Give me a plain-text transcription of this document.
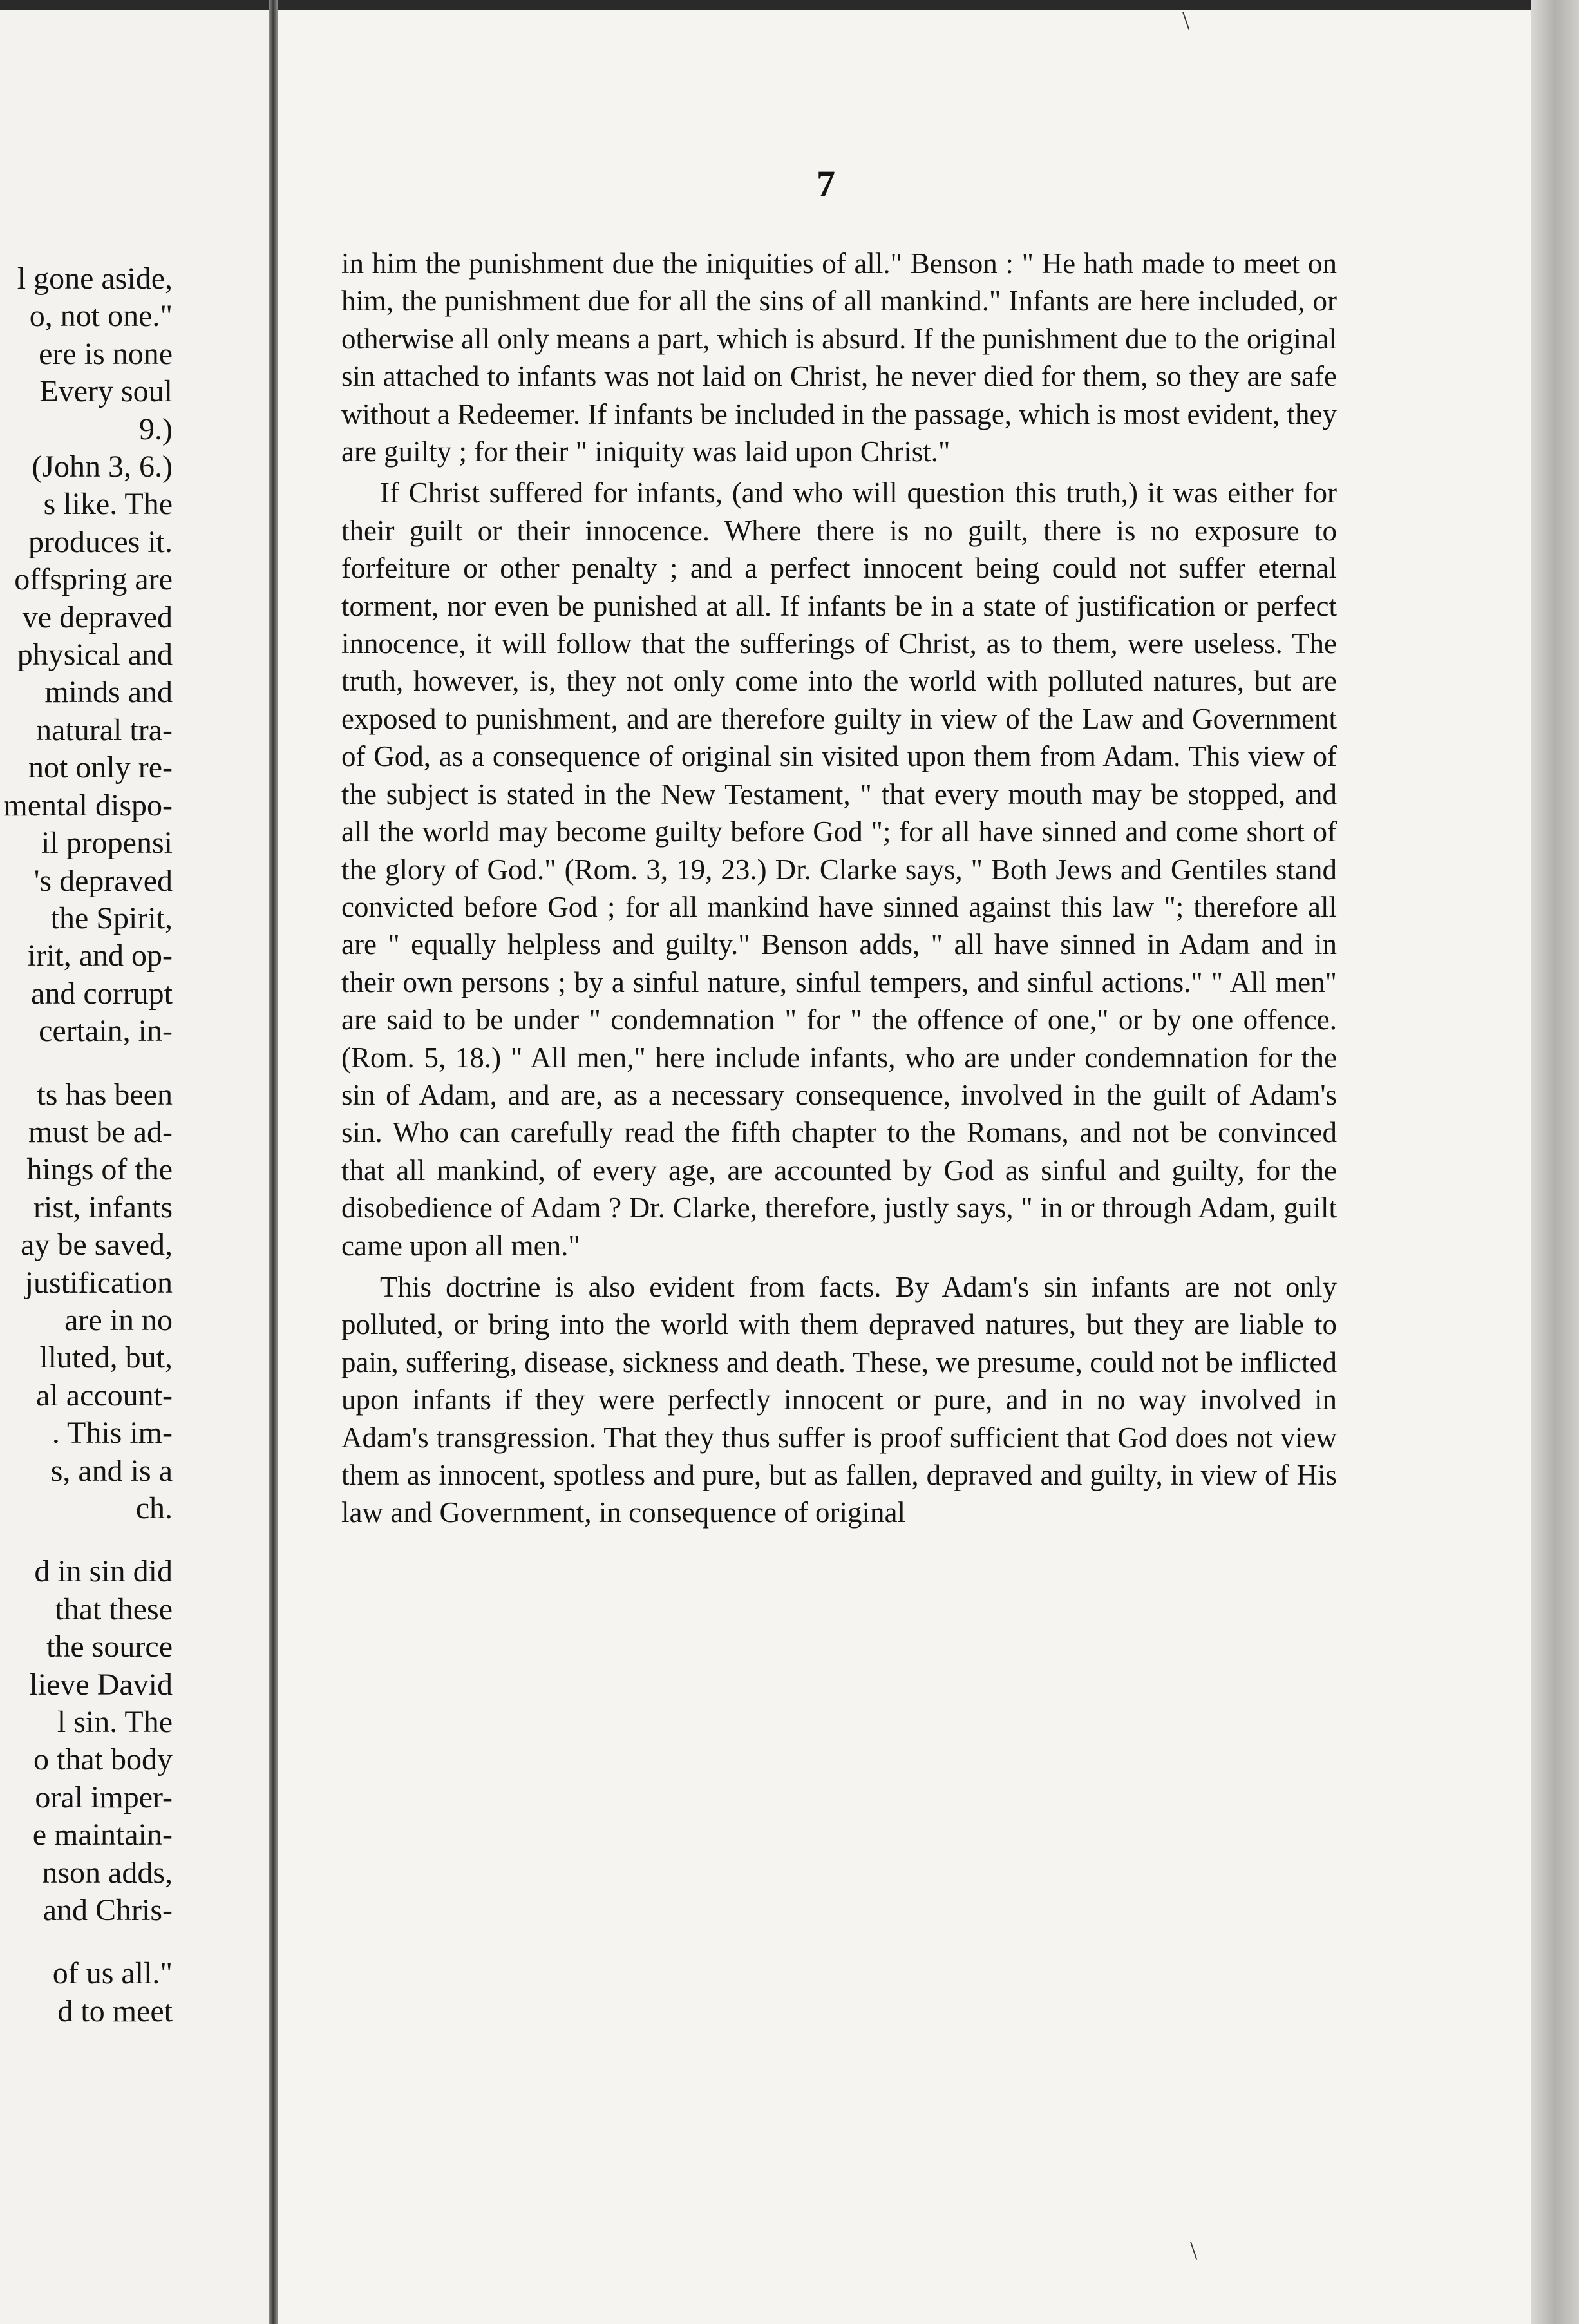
l gone aside,
o, not one."
ere is none
Every soul
9.)
(John 3, 6.)
s like. The
produces it.
offspring are
ve depraved
physical and
minds and
natural tra-
not only re-
mental dispo-
il propensi
's depraved
the Spirit,
irit, and op-
and corrupt
certain, in-
ts has been
must be ad-
hings of the
rist, infants
ay be saved,
justification
are in no
lluted, but,
al account-
. This im-
s, and is a
ch.
d in sin did
that these
the source
lieve David
l sin. The
o that body
oral imper-
e maintain-
nson adds,
and Chris-
of us all."
d to meet
7

in him the punishment due the iniquities of all." Benson : " He hath made to meet on him, the punishment due for all the sins of all mankind." Infants are here included, or otherwise all only means a part, which is absurd. If the punishment due to the original sin attached to infants was not laid on Christ, he never died for them, so they are safe without a Redeemer. If infants be included in the passage, which is most evident, they are guilty ; for their " iniquity was laid upon Christ."

If Christ suffered for infants, (and who will question this truth,) it was either for their guilt or their innocence. Where there is no guilt, there is no exposure to forfeiture or other penalty ; and a perfect innocent being could not suffer eternal torment, nor even be punished at all. If infants be in a state of justification or perfect innocence, it will follow that the sufferings of Christ, as to them, were useless. The truth, however, is, they not only come into the world with polluted natures, but are exposed to punishment, and are therefore guilty in view of the Law and Government of God, as a consequence of original sin visited upon them from Adam. This view of the subject is stated in the New Testament, " that every mouth may be stopped, and all the world may become guilty before God "; for all have sinned and come short of the glory of God." (Rom. 3, 19, 23.) Dr. Clarke says, " Both Jews and Gentiles stand convicted before God ; for all mankind have sinned against this law "; therefore all are " equally helpless and guilty." Benson adds, " all have sinned in Adam and in their own persons ; by a sinful nature, sinful tempers, and sinful actions." " All men" are said to be under " condemnation " for " the offence of one," or by one offence. (Rom. 5, 18.) " All men," here include infants, who are under condemnation for the sin of Adam, and are, as a necessary consequence, involved in the guilt of Adam's sin. Who can carefully read the fifth chapter to the Romans, and not be convinced that all mankind, of every age, are accounted by God as sinful and guilty, for the disobedience of Adam ? Dr. Clarke, therefore, justly says, " in or through Adam, guilt came upon all men."

This doctrine is also evident from facts. By Adam's sin infants are not only polluted, or bring into the world with them depraved natures, but they are liable to pain, suffering, disease, sickness and death. These, we presume, could not be inflicted upon infants if they were perfectly innocent or pure, and in no way involved in Adam's transgression. That they thus suffer is proof sufficient that God does not view them as innocent, spotless and pure, but as fallen, depraved and guilty, in view of His law and Government, in consequence of original

\
\
